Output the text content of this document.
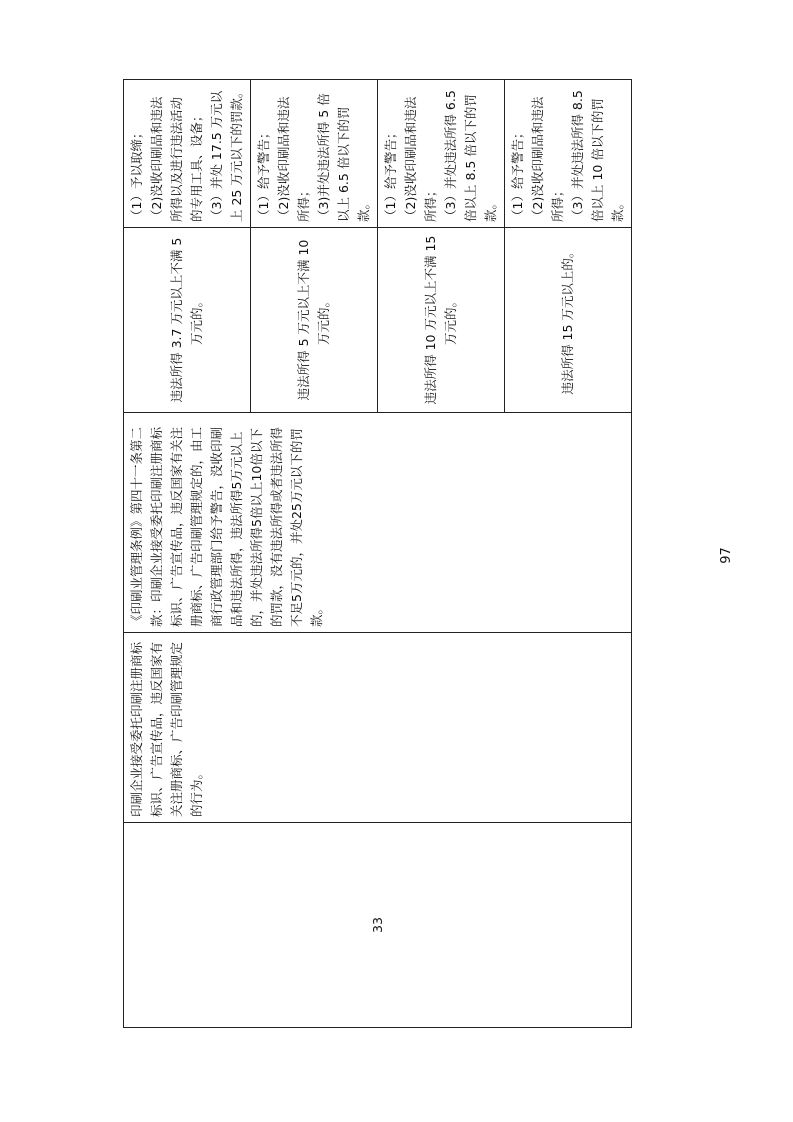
33	印刷企业接受委托印刷注册商标标识、广告宣传品，违反国家有关注册商标、广告印刷管理规定的行为。	《印刷业管理条例》第四十一条第二款：印刷企业接受委托印刷注册商标标识、广告宣传品，违反国家有关注册商标、广告印刷管理规定的，由工商行政管理部门给予警告，没收印刷品和违法所得，违法所得5万元以上的，并处违法所得5倍以上10倍以下的罚款，没有违法所得或者违法所得不足5万元的，并处25万元以下的罚款。	违法所得 3.7 万元以上不满 5 万元的。	（1）予以取缔； （2)没收印刷品和违法所得以及进行违法活动的专用工具、设备； （3）并处 17.5 万元以上 25 万元以下的罚款。

			违法所得 5 万元以上不满 10 万元的。	（1）给予警告； （2)没收印刷品和违法所得； （3)并处违法所得 5 倍以上 6.5 倍以下的罚款。

			违法所得 10 万元以上不满 15 万元的。	（1）给予警告； （2)没收印刷品和违法所得； （3）并处违法所得 6.5 倍以上 8.5 倍以下的罚款。

			违法所得 15 万元以上的。	（1）给予警告； （2)没收印刷品和违法所得； （3）并处违法所得 8.5 倍以上 10 倍以下的罚款。
97
